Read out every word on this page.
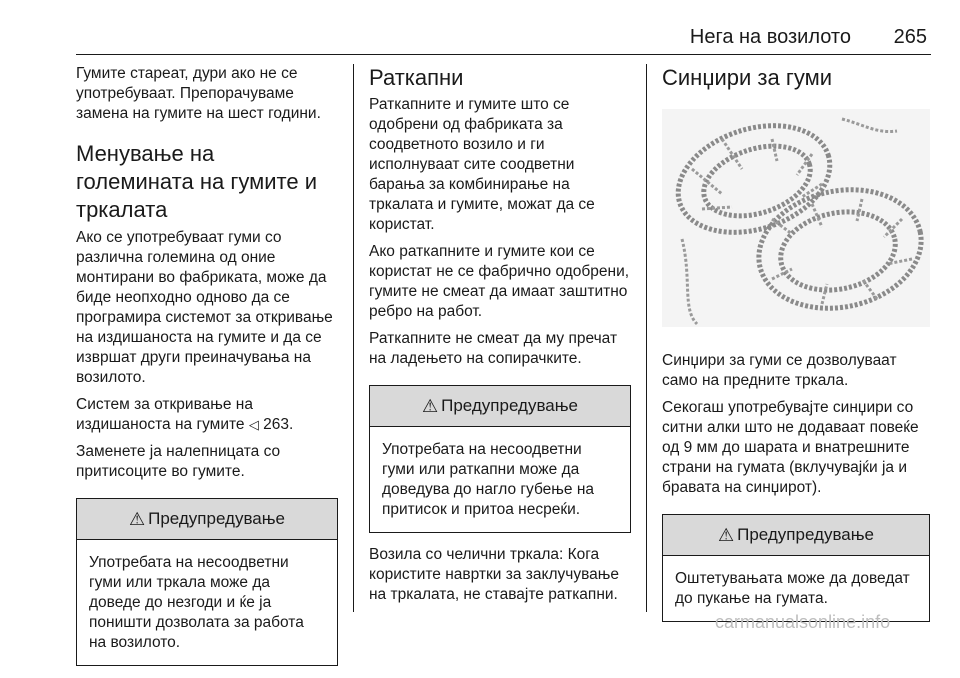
Нега на возилото 265

Гумите стареат, дури ако не се употребуваат. Препорачуваме замена на гумите на шест години.

Менување на големината на гумите и тркалата

Ако се употребуваат гуми со различна големина од оние монтирани во фабриката, може да биде неопходно одново да се програмира системот за откривање на издишаноста на гумите и да се извршат други преиначувања на возилото.

Систем за откривање на издишаноста на гумите ◁ 263.

Заменете ја налепницата со притисоците во гумите.

⚠ Предупредување

Употребата на несоодветни гуми или тркала може да доведе до незгоди и ќе ја поништи дозволата за работа на возилото.

Раткапни

Раткапните и гумите што се одобрени од фабриката за соодветното возило и ги исполнуваат сите соодветни барања за комбинирање на тркалата и гумите, можат да се користат.

Ако раткапните и гумите кои се користат не се фабрично одобрени, гумите не смеат да имаат заштитно ребро на работ.

Раткапните не смеат да му пречат на ладењето на сопирачките.

⚠ Предупредување

Употребата на несоодветни гуми или раткапни може да доведува до нагло губење на притисок и притоа несреќи.

Возила со челични тркала: Кога користите навртки за заклучување на тркалата, не ставајте раткапни.

Синџири за гуми

Синџири за гуми се дозволуваат само на предните тркала.

Секогаш употребувајте синџири со ситни алки што не додаваат повеќе од 9 мм до шарата и внатрешните страни на гумата (вклучувајќи ја и бравата на синџирот).

⚠ Предупредување

Оштетувањата може да доведат до пукање на гумата.

carmanualsonline.info
